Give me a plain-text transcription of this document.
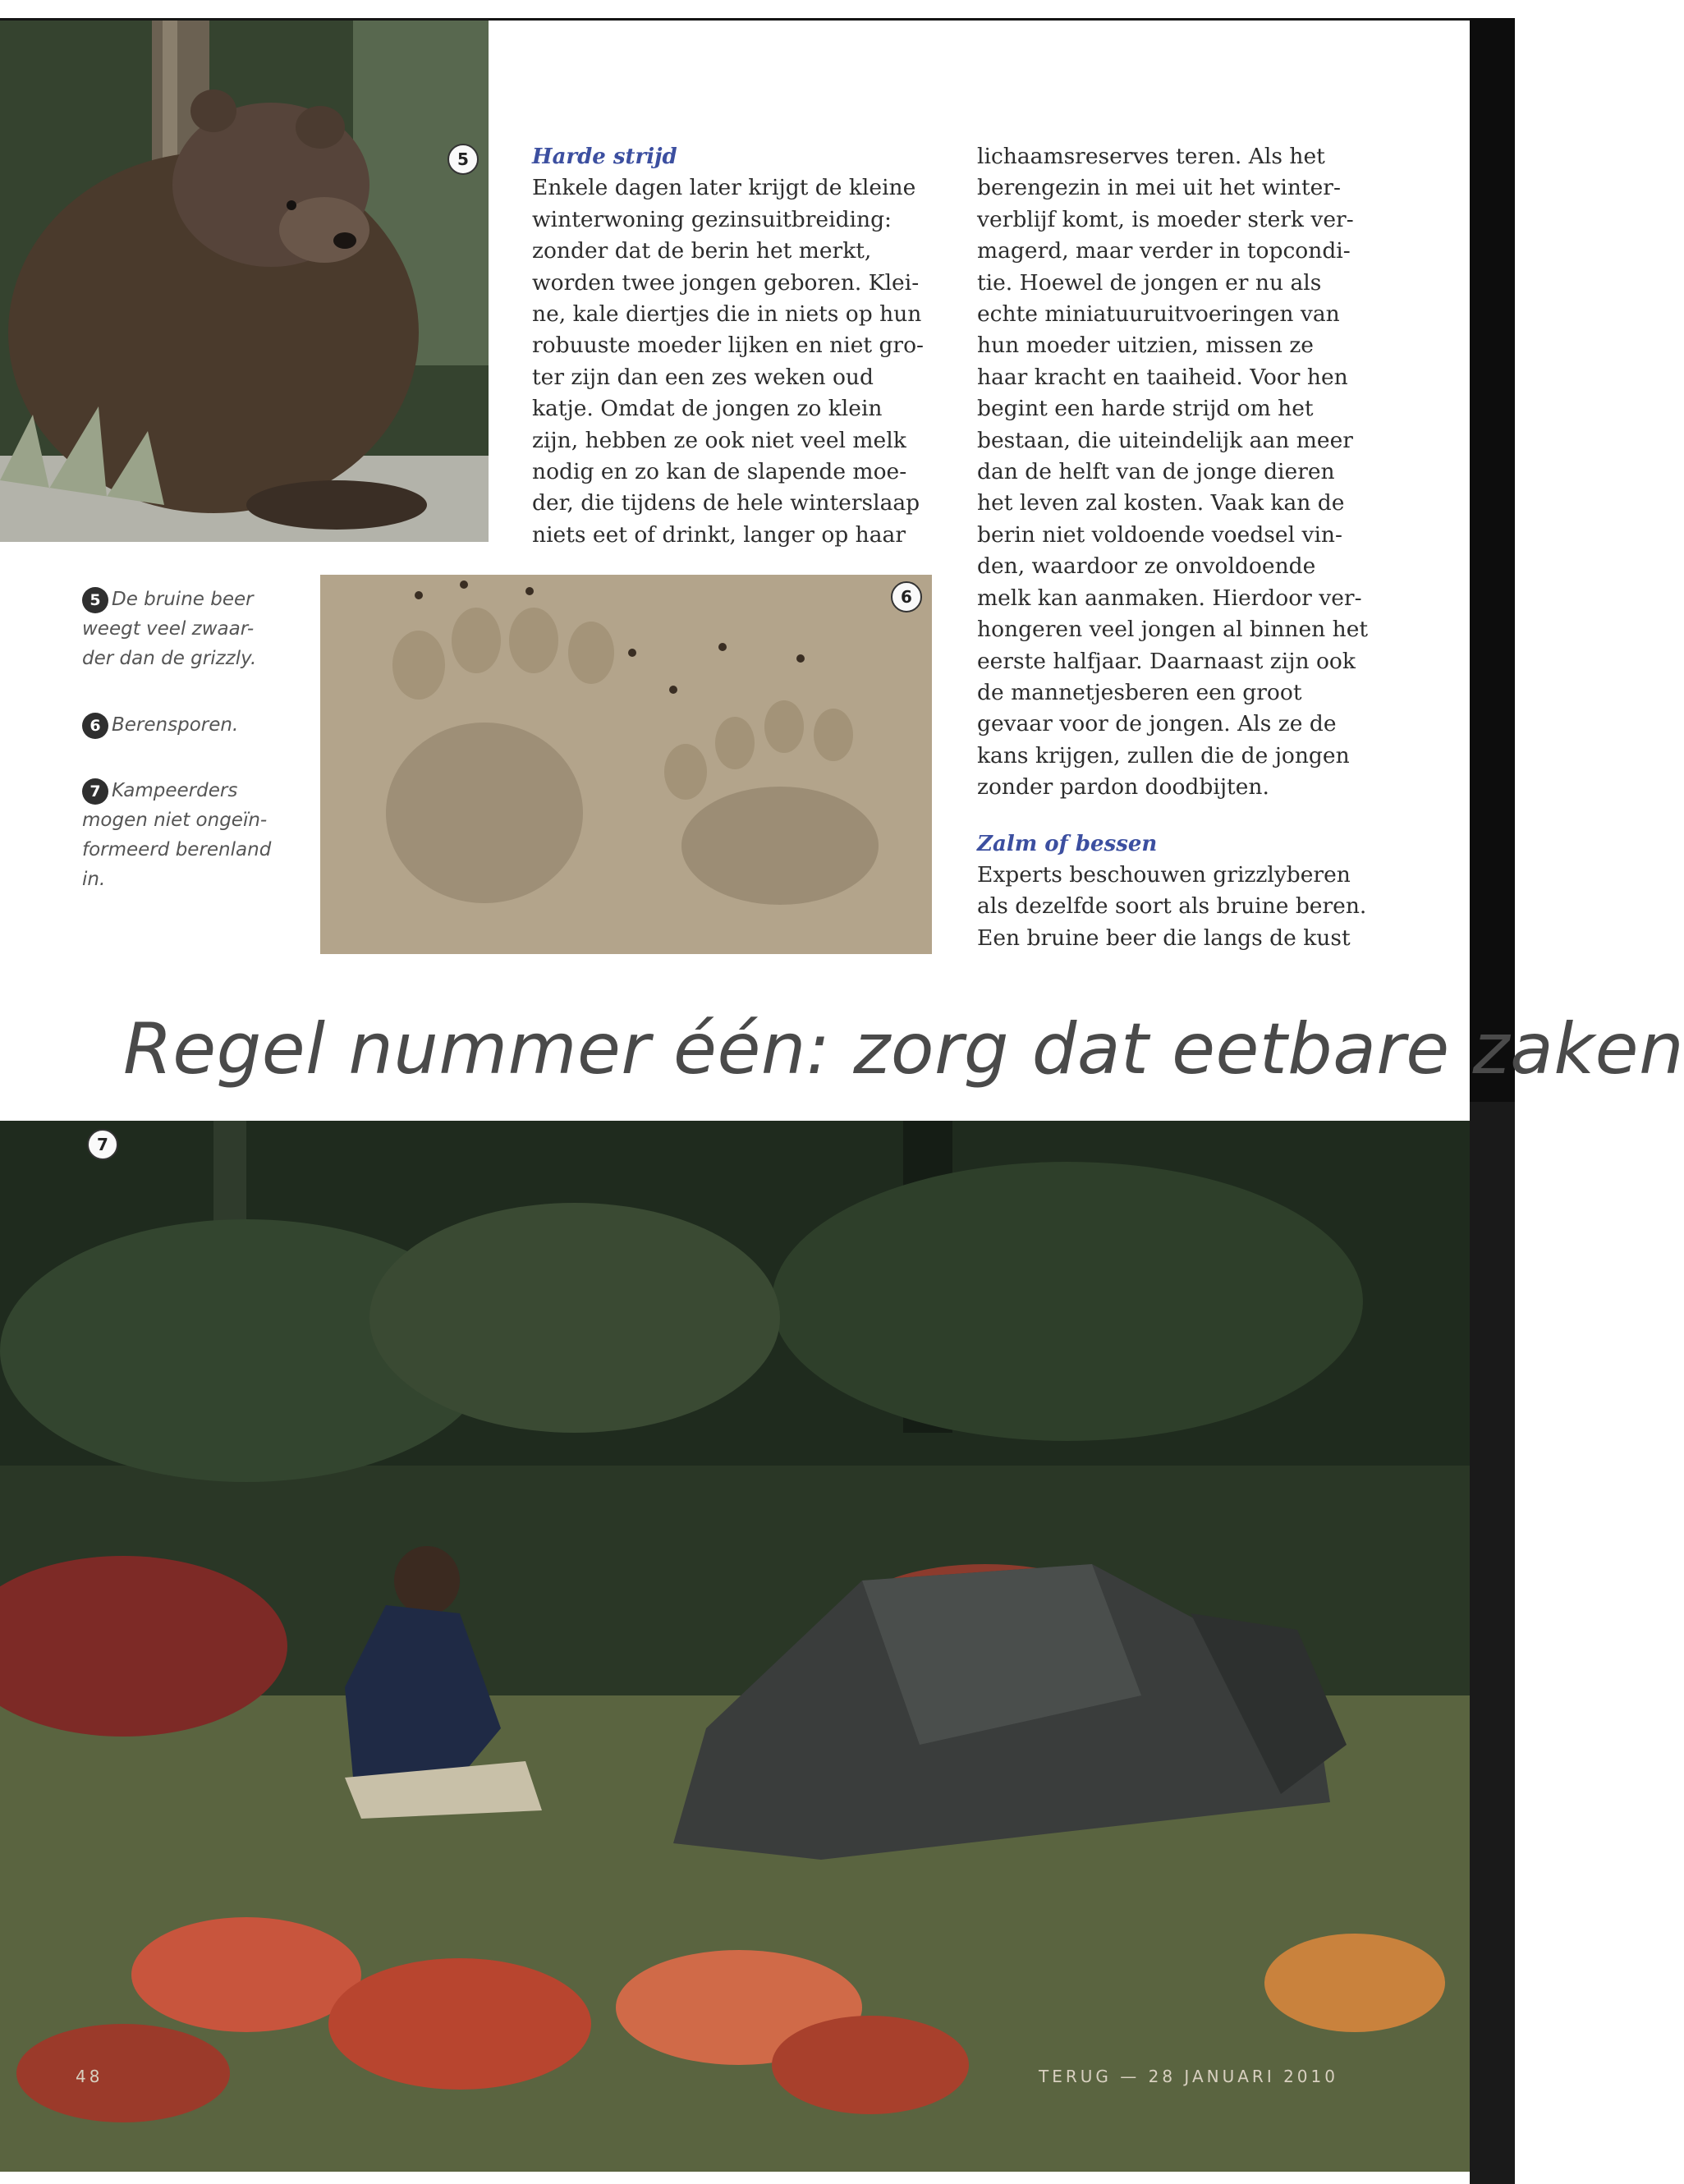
5	Harde strijd

Enkele dagen later krijgt de kleine

winterwoning gezinsuitbreiding:

zonder dat de berin het merkt,

worden twee jongen geboren. Klei-

ne, kale diertjes die in niets op hun

robuuste moeder lijken en niet gro-

ter zijn dan een zes weken oud

katje. Omdat de jongen zo klein

zijn, hebben ze ook niet veel melk

nodig en zo kan de slapende moe-

der, die tijdens de hele winterslaap

niets eet of drinkt, langer op haar

lichaamsreserves teren. Als het

berengezin in mei uit het winter-

verblijf komt, is moeder sterk ver-

magerd, maar verder in topcondi-

tie. Hoewel de jongen er nu als

echte miniatuuruitvoeringen van

hun moeder uitzien, missen ze

haar kracht en taaiheid. Voor hen

begint een harde strijd om het

bestaan, die uiteindelijk aan meer

dan de helft van de jonge dieren

het leven zal kosten. Vaak kan de

berin niet voldoende voedsel vin-

den, waardoor ze onvoldoende

melk kan aanmaken. Hierdoor ver-

hongeren veel jongen al binnen het

eerste halfjaar. Daarnaast zijn ook

de mannetjesberen een groot

gevaar voor de jongen. Als ze de

kans krijgen, zullen die de jongen

zonder pardon doodbijten.

Zalm of bessen

Experts beschouwen grizzlyberen

als dezelfde soort als bruine beren.

Een bruine beer die langs de kust

5 De bruine beer
weegt veel zwaar-
der dan de grizzly.
6 Berensporen.
7 Kampeerders
mogen niet ongeïn-
formeerd berenland
in.
6
Regel nummer één: zorg dat eetbare zaken
7
48	TERUG — 28 JANUARI 2010
